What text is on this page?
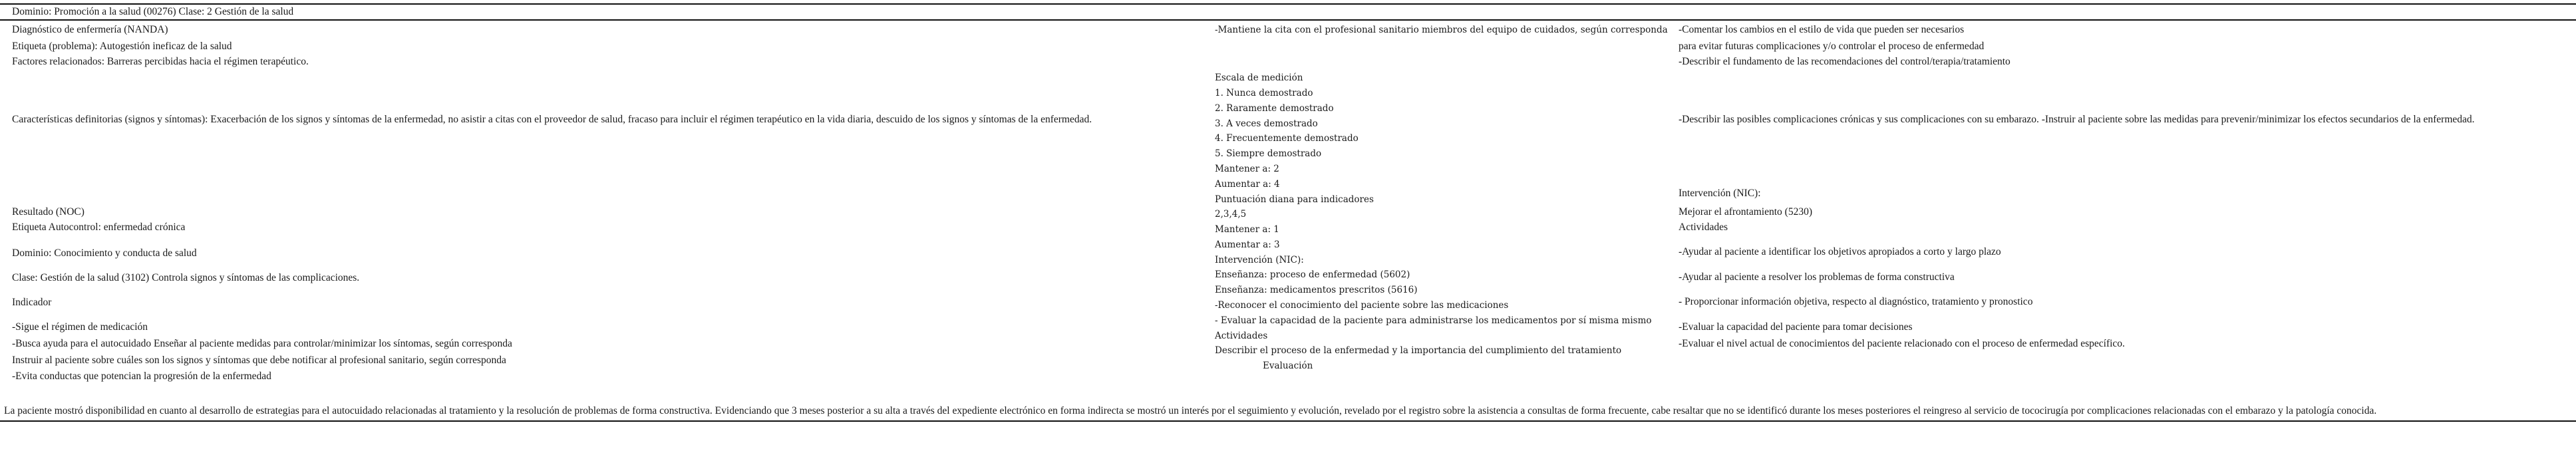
Dominio: Promoción a la salud (00276) Clase: 2 Gestión de la salud
Diagnóstico de enfermería (NANDA)
Etiqueta (problema): Autogestión ineficaz de la salud
Factores relacionados: Barreras percibidas hacia el régimen terapéutico.
Características definitorias (signos y síntomas): Exacerbación de los signos y síntomas de la enfermedad, no asistir a citas con el proveedor de salud, fracaso para incluir el régimen terapéutico en la vida diaria, descuido de los signos y síntomas de la enfermedad.
Resultado (NOC)
Etiqueta Autocontrol: enfermedad crónica
Dominio: Conocimiento y conducta de salud
Clase: Gestión de la salud (3102) Controla signos y síntomas de las complicaciones.
Indicador
-Sigue el régimen de medicación
-Busca ayuda para el autocuidado Enseñar al paciente medidas para controlar/minimizar los síntomas, según corresponda
Instruir al paciente sobre cuáles son los signos y síntomas que debe notificar al profesional sanitario, según corresponda
-Evita conductas que potencian la progresión de la enfermedad
-Mantiene la cita con el profesional sanitario miembros del equipo de cuidados, según corresponda
Escala de medición
1. Nunca demostrado
2. Raramente demostrado
3. A veces demostrado
4. Frecuentemente demostrado
5. Siempre demostrado
Mantener a: 2
Aumentar a: 4
Puntuación diana para indicadores
2,3,4,5
Mantener a: 1
Aumentar a: 3
Intervención (NIC):
Enseñanza: proceso de enfermedad (5602)
Enseñanza: medicamentos prescritos (5616)
-Reconocer el conocimiento del paciente sobre las medicaciones
- Evaluar la capacidad de la paciente para administrarse los medicamentos por sí misma mismo
Actividades
Describir el proceso de la enfermedad y la importancia del cumplimiento del tratamiento
Evaluación
-Comentar los cambios en el estilo de vida que pueden ser necesarios
para evitar futuras complicaciones y/o controlar el proceso de enfermedad
-Describir el fundamento de las recomendaciones del control/terapia/tratamiento
-Describir las posibles complicaciones crónicas y sus complicaciones con su embarazo. -Instruir al paciente sobre las medidas para prevenir/minimizar los efectos secundarios de la enfermedad.
Intervención (NIC):
Mejorar el afrontamiento (5230)
Actividades
-Ayudar al paciente a identificar los objetivos apropiados a corto y largo plazo
-Ayudar al paciente a resolver los problemas de forma constructiva
- Proporcionar información objetiva, respecto al diagnóstico, tratamiento y pronostico
-Evaluar la capacidad del paciente para tomar decisiones
-Evaluar el nivel actual de conocimientos del paciente relacionado con el proceso de enfermedad específico.
La paciente mostró disponibilidad en cuanto al desarrollo de estrategias para el autocuidado relacionadas al tratamiento y la resolución de problemas de forma constructiva. Evidenciando que 3 meses posterior a su alta a través del expediente electrónico en forma indirecta se mostró un interés por el seguimiento y evolución, revelado por el registro sobre la asistencia a consultas de forma frecuente, cabe resaltar que no se identificó durante los meses posteriores el reingreso al servicio de tococirugía por complicaciones relacionadas con el embarazo y la patología conocida.
